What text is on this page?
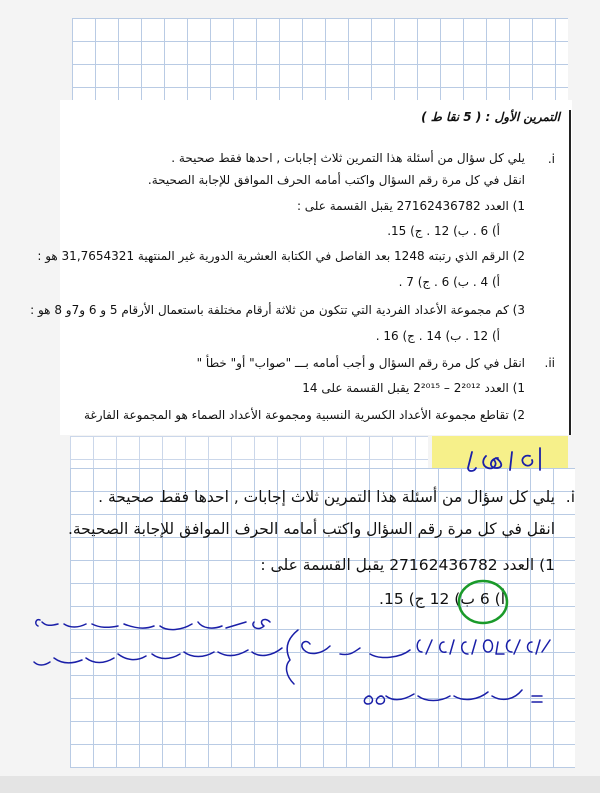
التمرين الأول : ( 5 نقا ط )
i.
يلي كل سؤال من أسئلة هذا التمرين ثلاث إجابات , احدها فقط صحيحة .
انقل في كل مرة رقم السؤال واكتب أمامه الحرف الموافق للإجابة الصحيحة.
1) العدد 27162436782 يقبل القسمة على :
أ) 6 . ب) 12 . ج) 15.
2) الرقم الذي رتبته 1248 بعد الفاصل في الكتابة العشرية الدورية غير المنتهية 31,7654321 هو :
أ) 4 . ب) 6 . ج) 7 .
3) كم مجموعة الأعداد الفردية التي تتكون من ثلاثة أرقام مختلفة باستعمال الأرقام 5 و 6 و7و 8 هو :
أ) 12 . ب) 14 . ج) 16 .
ii.
انقل في كل مرة رقم السؤال و أجب أمامه بـــ "صواب" أو" خطأ "
1) العدد 2²⁰¹² – 2²⁰¹⁵ يقبل القسمة على 14
2) تقاطع مجموعة الأعداد الكسرية النسبية ومجموعة الأعداد الصماء هو المجموعة الفارغة
i.
يلي كل سؤال من أسئلة هذا التمرين ثلاث إجابات , احدها فقط صحيحة .
انقل في كل مرة رقم السؤال واكتب أمامه الحرف الموافق للإجابة الصحيحة.
1) العدد 27162436782 يقبل القسمة على :
أ) 6 ب) 12 ج) 15.
